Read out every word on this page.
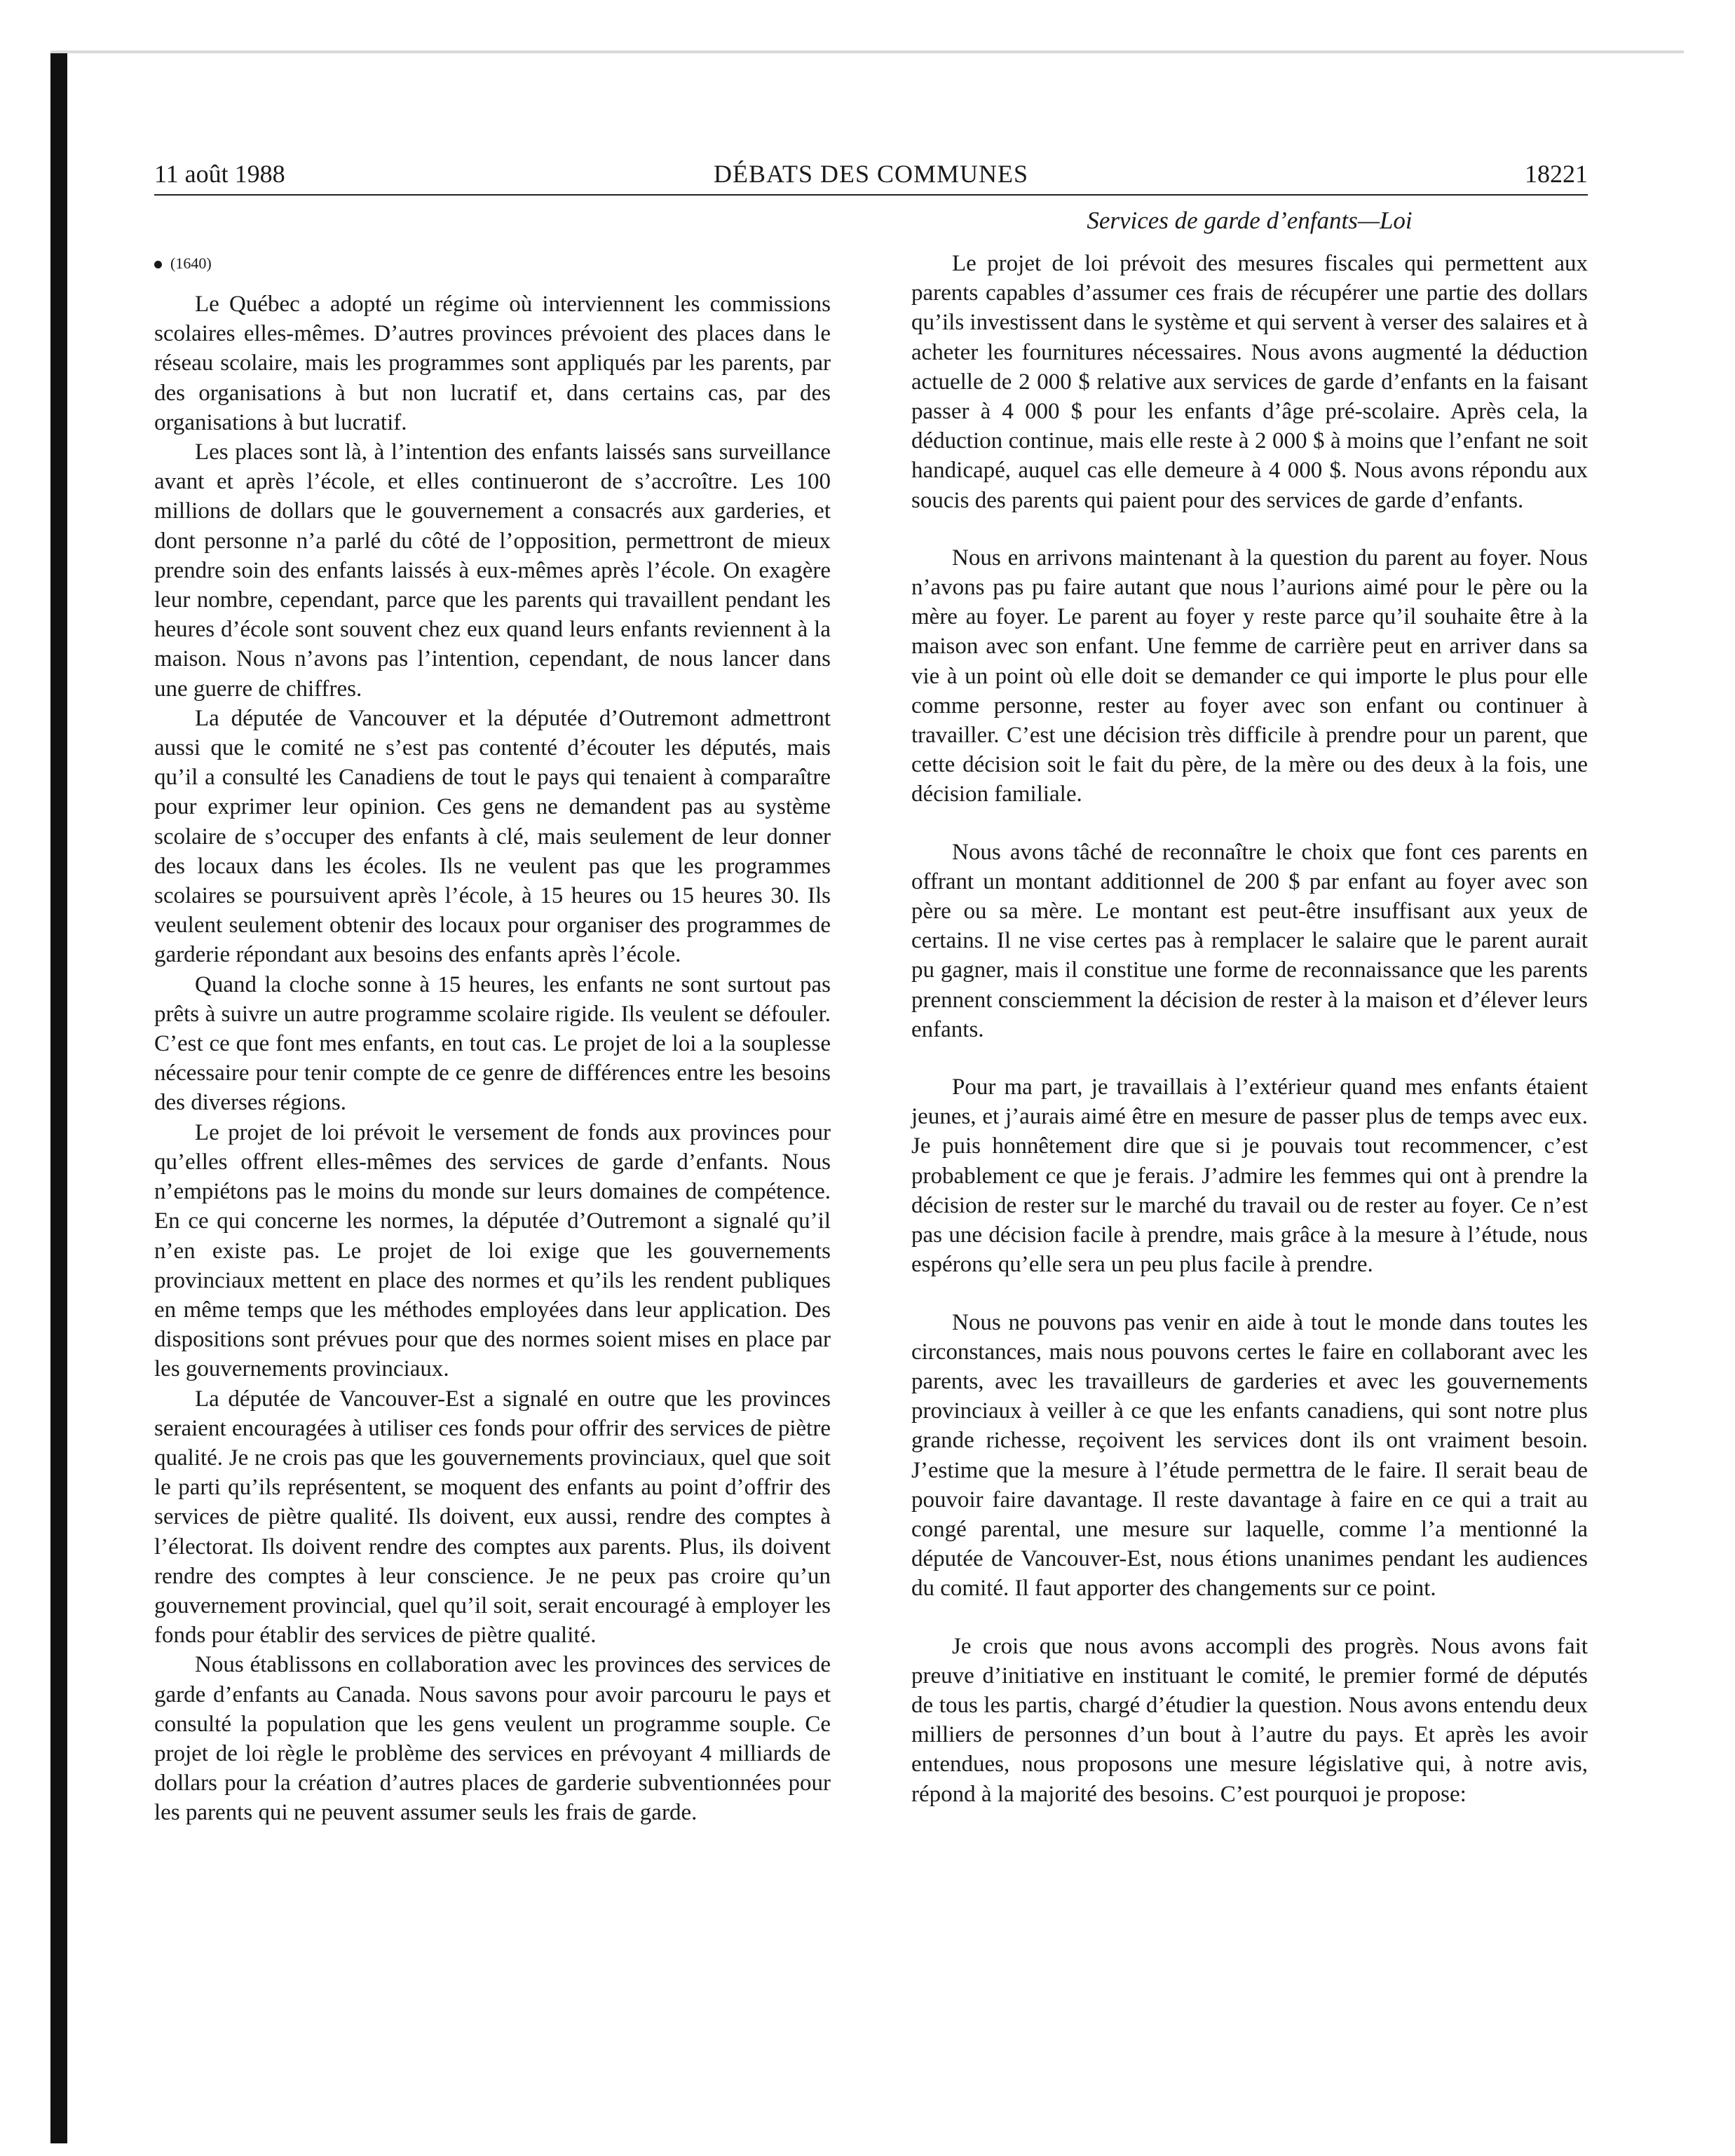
11 août 1988	DÉBATS DES COMMUNES	18221
Services de garde d’enfants—Loi
(1640)

Le Québec a adopté un régime où interviennent les commissions scolaires elles-mêmes. D’autres provinces prévoient des places dans le réseau scolaire, mais les programmes sont appliqués par les parents, par des organisations à but non lucratif et, dans certains cas, par des organisations à but lucratif.

Les places sont là, à l’intention des enfants laissés sans surveillance avant et après l’école, et elles continueront de s’accroître. Les 100 millions de dollars que le gouvernement a consacrés aux garderies, et dont personne n’a parlé du côté de l’opposition, permettront de mieux prendre soin des enfants laissés à eux-mêmes après l’école. On exagère leur nombre, cependant, parce que les parents qui travaillent pendant les heures d’école sont souvent chez eux quand leurs enfants reviennent à la maison. Nous n’avons pas l’intention, cependant, de nous lancer dans une guerre de chiffres.

La députée de Vancouver et la députée d’Outremont admettront aussi que le comité ne s’est pas contenté d’écouter les députés, mais qu’il a consulté les Canadiens de tout le pays qui tenaient à comparaître pour exprimer leur opinion. Ces gens ne demandent pas au système scolaire de s’occuper des enfants à clé, mais seulement de leur donner des locaux dans les écoles. Ils ne veulent pas que les programmes scolaires se poursuivent après l’école, à 15 heures ou 15 heures 30. Ils veulent seulement obtenir des locaux pour organiser des programmes de garderie répondant aux besoins des enfants après l’école.

Quand la cloche sonne à 15 heures, les enfants ne sont surtout pas prêts à suivre un autre programme scolaire rigide. Ils veulent se défouler. C’est ce que font mes enfants, en tout cas. Le projet de loi a la souplesse nécessaire pour tenir compte de ce genre de différences entre les besoins des diverses régions.

Le projet de loi prévoit le versement de fonds aux provinces pour qu’elles offrent elles-mêmes des services de garde d’enfants. Nous n’empiétons pas le moins du monde sur leurs domaines de compétence. En ce qui concerne les normes, la députée d’Outremont a signalé qu’il n’en existe pas. Le projet de loi exige que les gouvernements provinciaux mettent en place des normes et qu’ils les rendent publiques en même temps que les méthodes employées dans leur application. Des dispositions sont prévues pour que des normes soient mises en place par les gouvernements provinciaux.

La députée de Vancouver-Est a signalé en outre que les provinces seraient encouragées à utiliser ces fonds pour offrir des services de piètre qualité. Je ne crois pas que les gouvernements provinciaux, quel que soit le parti qu’ils représentent, se moquent des enfants au point d’offrir des services de piètre qualité. Ils doivent, eux aussi, rendre des comptes à l’électorat. Ils doivent rendre des comptes aux parents. Plus, ils doivent rendre des comptes à leur conscience. Je ne peux pas croire qu’un gouvernement provincial, quel qu’il soit, serait encouragé à employer les fonds pour établir des services de piètre qualité.

Nous établissons en collaboration avec les provinces des services de garde d’enfants au Canada. Nous savons pour avoir parcouru le pays et consulté la population que les gens veulent un programme souple. Ce projet de loi règle le problème des services en prévoyant 4 milliards de dollars pour la création d’autres places de garderie subventionnées pour les parents qui ne peuvent assumer seuls les frais de garde.

Le projet de loi prévoit des mesures fiscales qui permettent aux parents capables d’assumer ces frais de récupérer une partie des dollars qu’ils investissent dans le système et qui servent à verser des salaires et à acheter les fournitures nécessaires. Nous avons augmenté la déduction actuelle de 2 000 $ relative aux services de garde d’enfants en la faisant passer à 4 000 $ pour les enfants d’âge pré-scolaire. Après cela, la déduction continue, mais elle reste à 2 000 $ à moins que l’enfant ne soit handicapé, auquel cas elle demeure à 4 000 $. Nous avons répondu aux soucis des parents qui paient pour des services de garde d’enfants.

Nous en arrivons maintenant à la question du parent au foyer. Nous n’avons pas pu faire autant que nous l’aurions aimé pour le père ou la mère au foyer. Le parent au foyer y reste parce qu’il souhaite être à la maison avec son enfant. Une femme de carrière peut en arriver dans sa vie à un point où elle doit se demander ce qui importe le plus pour elle comme personne, rester au foyer avec son enfant ou continuer à travailler. C’est une décision très difficile à prendre pour un parent, que cette décision soit le fait du père, de la mère ou des deux à la fois, une décision familiale.

Nous avons tâché de reconnaître le choix que font ces parents en offrant un montant additionnel de 200 $ par enfant au foyer avec son père ou sa mère. Le montant est peut-être insuffisant aux yeux de certains. Il ne vise certes pas à remplacer le salaire que le parent aurait pu gagner, mais il constitue une forme de reconnaissance que les parents prennent consciemment la décision de rester à la maison et d’élever leurs enfants.

Pour ma part, je travaillais à l’extérieur quand mes enfants étaient jeunes, et j’aurais aimé être en mesure de passer plus de temps avec eux. Je puis honnêtement dire que si je pouvais tout recommencer, c’est probablement ce que je ferais. J’admire les femmes qui ont à prendre la décision de rester sur le marché du travail ou de rester au foyer. Ce n’est pas une décision facile à prendre, mais grâce à la mesure à l’étude, nous espérons qu’elle sera un peu plus facile à prendre.

Nous ne pouvons pas venir en aide à tout le monde dans toutes les circonstances, mais nous pouvons certes le faire en collaborant avec les parents, avec les travailleurs de garderies et avec les gouvernements provinciaux à veiller à ce que les enfants canadiens, qui sont notre plus grande richesse, reçoivent les services dont ils ont vraiment besoin. J’estime que la mesure à l’étude permettra de le faire. Il serait beau de pouvoir faire davantage. Il reste davantage à faire en ce qui a trait au congé parental, une mesure sur laquelle, comme l’a mentionné la députée de Vancouver-Est, nous étions unanimes pendant les audiences du comité. Il faut apporter des changements sur ce point.

Je crois que nous avons accompli des progrès. Nous avons fait preuve d’initiative en instituant le comité, le premier formé de députés de tous les partis, chargé d’étudier la question. Nous avons entendu deux milliers de personnes d’un bout à l’autre du pays. Et après les avoir entendues, nous proposons une mesure législative qui, à notre avis, répond à la majorité des besoins. C’est pourquoi je propose:
